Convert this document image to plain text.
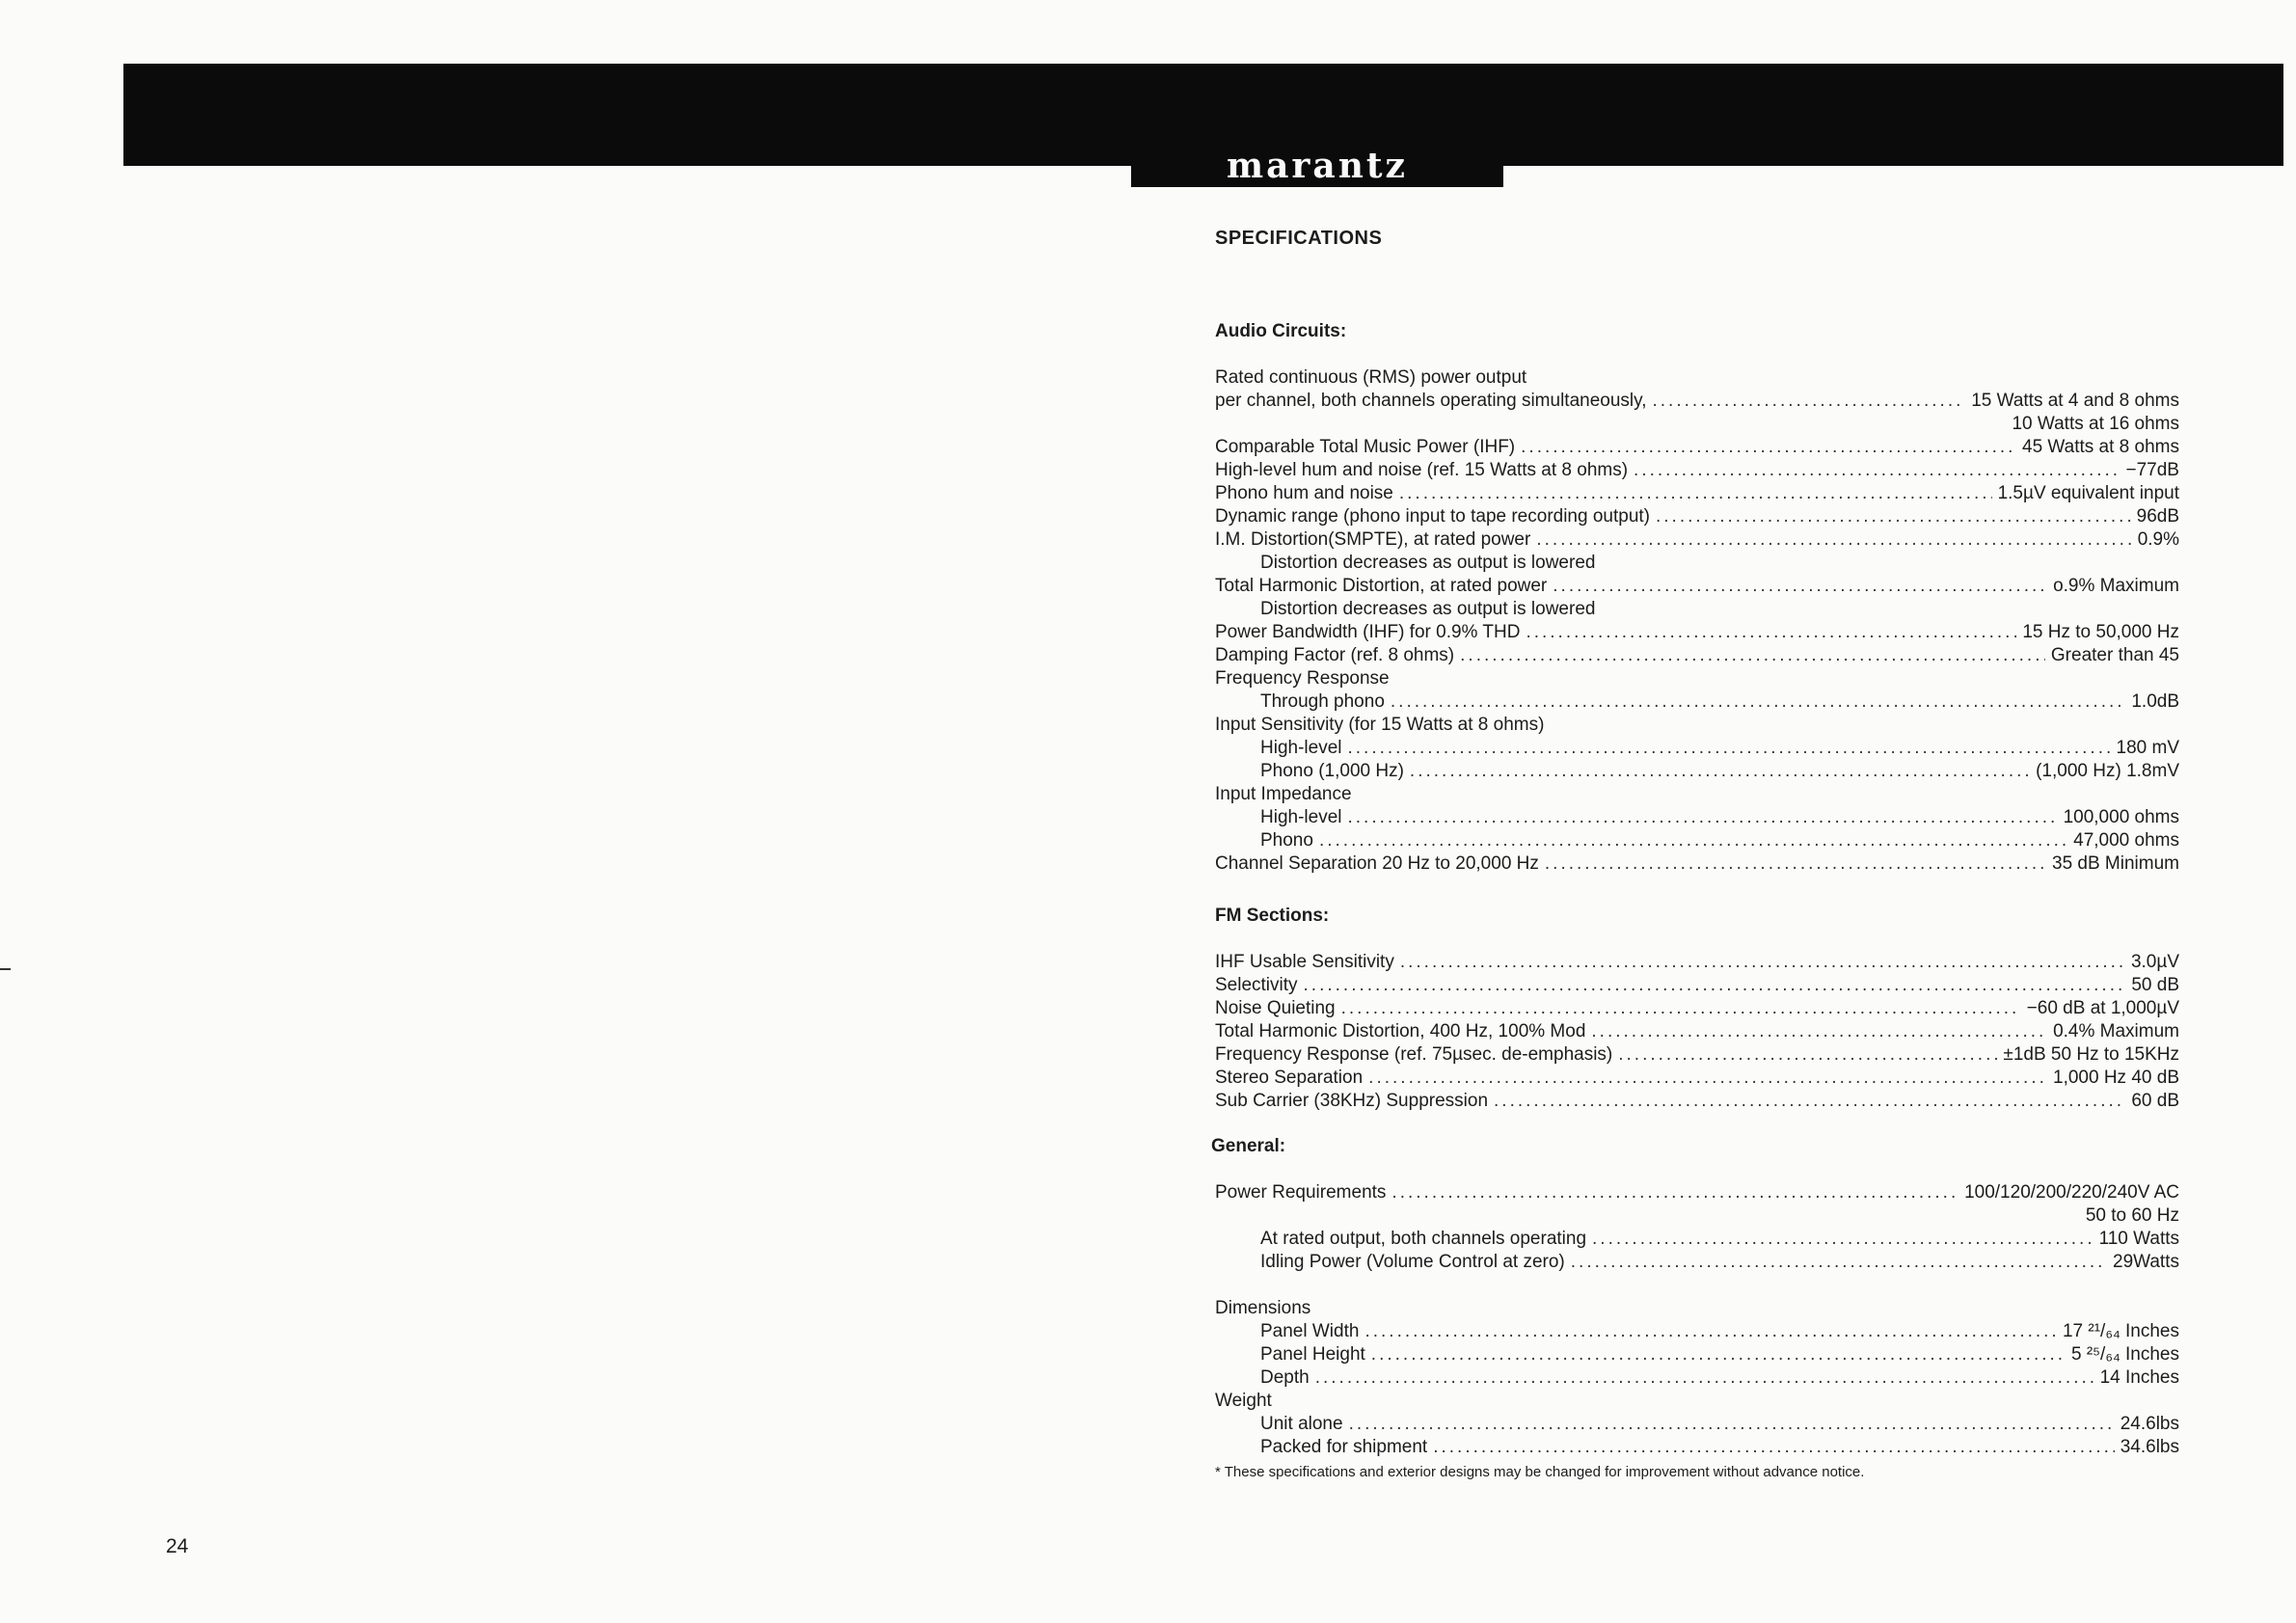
marantz
24
SPECIFICATIONS
Audio Circuits:
Rated continuous (RMS) power output
per channel, both channels operating simultaneously, .....	15 Watts at 4 and 8 ohms
10 Watts at 16 ohms
Comparable Total Music Power (IHF) .....	45 Watts at 8 ohms
High-level hum and noise (ref. 15 Watts at 8 ohms) .....	−77dB
Phono hum and noise .....	1.5µV equivalent input
Dynamic range (phono input to tape recording output) .....	96dB
I.M. Distortion(SMPTE), at rated power .....	0.9%
Distortion decreases as output is lowered
Total Harmonic Distortion, at rated power .....	o.9% Maximum
Distortion decreases as output is lowered
Power Bandwidth (IHF) for 0.9% THD .....	15 Hz to 50,000 Hz
Damping Factor (ref. 8 ohms) .....	Greater than 45
Frequency Response
Through phono .....	1.0dB
Input Sensitivity (for 15 Watts at 8 ohms)
High-level .....	180 mV
Phono (1,000 Hz) .....	(1,000 Hz) 1.8mV
Input Impedance
High-level .....	100,000 ohms
Phono .....	47,000 ohms
Channel Separation 20 Hz to 20,000 Hz .....	35 dB Minimum
FM Sections:
IHF Usable Sensitivity .....	3.0µV
Selectivity .....	50 dB
Noise Quieting .....	−60 dB at 1,000µV
Total Harmonic Distortion, 400 Hz, 100% Mod .....	0.4% Maximum
Frequency Response (ref. 75µsec. de-emphasis) .....	±1dB 50 Hz to 15KHz
Stereo Separation .....	1,000 Hz 40 dB
Sub Carrier (38KHz) Suppression .....	60 dB
General:
Power Requirements .....	100/120/200/220/240V AC
50 to 60 Hz
At rated output, both channels operating .....	110 Watts
Idling Power (Volume Control at zero) .....	29Watts
Dimensions
Panel Width .....	17 ²¹/₆₄ Inches
Panel Height .....	5 ²⁵/₆₄ Inches
Depth .....	14 Inches
Weight
Unit alone .....	24.6lbs
Packed for shipment .....	34.6lbs
* These specifications and exterior designs may be changed for improvement without advance notice.
